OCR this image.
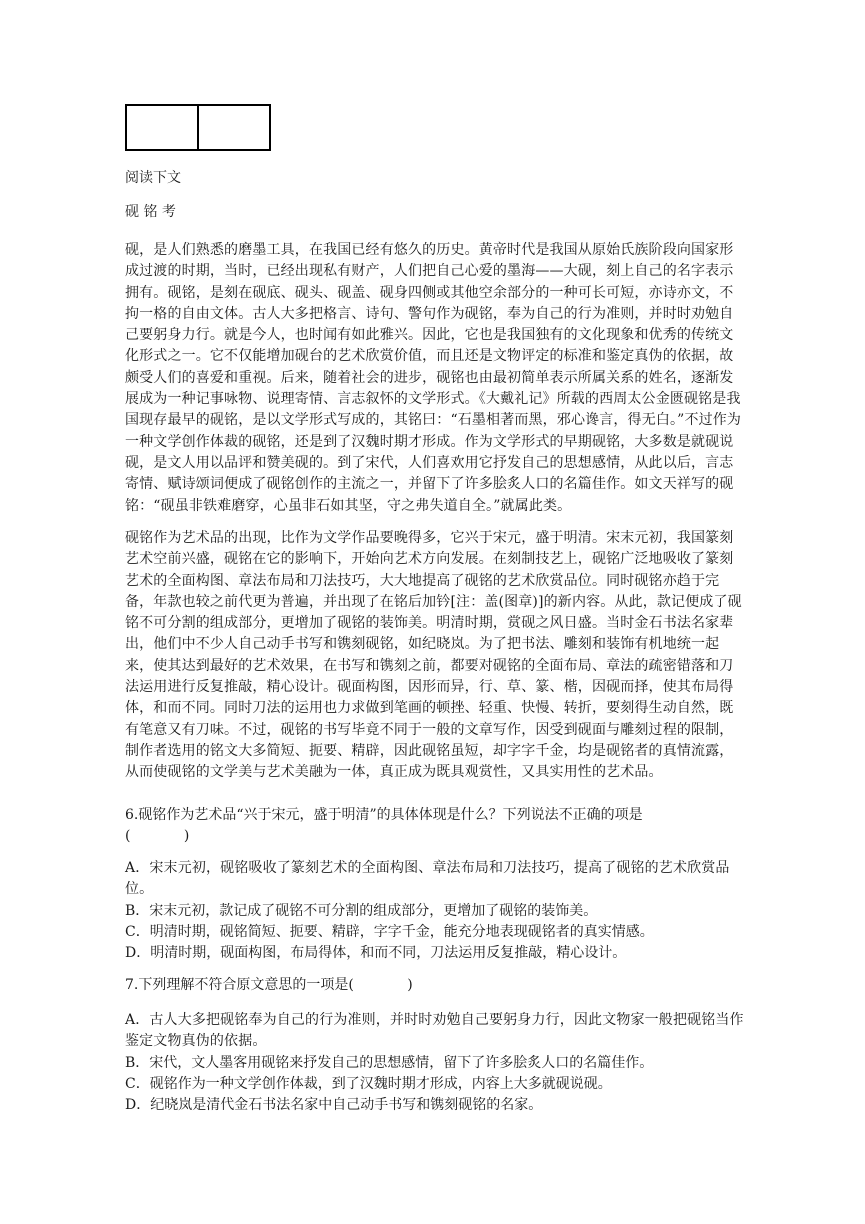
阅读下文
砚 铭 考

砚，是人们熟悉的磨墨工具，在我国已经有悠久的历史。黄帝时代是我国从原始氏族阶段向国家形成过渡的时期，当时，已经出现私有财产，人们把自己心爱的墨海——大砚，刻上自己的名字表示拥有。砚铭，是刻在砚底、砚头、砚盖、砚身四侧或其他空余部分的一种可长可短，亦诗亦文，不拘一格的自由文体。古人大多把格言、诗句、警句作为砚铭，奉为自己的行为准则，并时时劝勉自己要躬身力行。就是今人，也时闻有如此雅兴。因此，它也是我国独有的文化现象和优秀的传统文化形式之一。它不仅能增加砚台的艺术欣赏价值，而且还是文物评定的标准和鉴定真伪的依据，故颇受人们的喜爱和重视。后来，随着社会的进步，砚铭也由最初简单表示所属关系的姓名，逐渐发展成为一种记事咏物、说理寄情、言志叙怀的文学形式。《大戴礼记》所载的西周太公金匮砚铭是我国现存最早的砚铭，是以文学形式写成的，其铭曰：“石墨相著而黑，邪心谗言，得无白。”不过作为一种文学创作体裁的砚铭，还是到了汉魏时期才形成。作为文学形式的早期砚铭，大多数是就砚说砚，是文人用以品评和赞美砚的。到了宋代，人们喜欢用它抒发自己的思想感情，从此以后，言志寄情、赋诗颂词便成了砚铭创作的主流之一，并留下了许多脍炙人口的名篇佳作。如文天祥写的砚铭：“砚虽非铁难磨穿，心虽非石如其坚，守之弗失道自全。”就属此类。

砚铭作为艺术品的出现，比作为文学作品要晚得多，它兴于宋元，盛于明清。宋末元初，我国篆刻艺术空前兴盛，砚铭在它的影响下，开始向艺术方向发展。在刻制技艺上，砚铭广泛地吸收了篆刻艺术的全面构图、章法布局和刀法技巧，大大地提高了砚铭的艺术欣赏品位。同时砚铭亦趋于完备，年款也较之前代更为普遍，并出现了在铭后加钤[注：盖(图章)]的新内容。从此，款记便成了砚铭不可分割的组成部分，更增加了砚铭的装饰美。明清时期，赏砚之风日盛。当时金石书法名家辈出，他们中不少人自己动手书写和镌刻砚铭，如纪晓岚。为了把书法、雕刻和装饰有机地统一起来，使其达到最好的艺术效果，在书写和镌刻之前，都要对砚铭的全面布局、章法的疏密错落和刀法运用进行反复推敲，精心设计。砚面构图，因形而异，行、草、篆、楷，因砚而择，使其布局得体，和而不同。同时刀法的运用也力求做到笔画的顿挫、轻重、快慢、转折，要刻得生动自然，既有笔意又有刀味。不过，砚铭的书写毕竟不同于一般的文章写作，因受到砚面与雕刻过程的限制，制作者选用的铭文大多简短、扼要、精辟，因此砚铭虽短，却字字千金，均是砚铭者的真情流露，从而使砚铭的文学美与艺术美融为一体，真正成为既具观赏性，又具实用性的艺术品。

6.砚铭作为艺术品“兴于宋元，盛于明清”的具体体现是什么？下列说法不正确的项是
(            )

A．宋末元初，砚铭吸收了篆刻艺术的全面构图、章法布局和刀法技巧，提高了砚铭的艺术欣赏品位。

B．宋末元初，款记成了砚铭不可分割的组成部分，更增加了砚铭的装饰美。
C．明清时期，砚铭简短、扼要、精辟，字字千金，能充分地表现砚铭者的真实情感。
D．明清时期，砚面构图，布局得体，和而不同，刀法运用反复推敲，精心设计。
7.下列理解不符合原文意思的一项是(            )

A．古人大多把砚铭奉为自己的行为准则，并时时劝勉自己要躬身力行，因此文物家一般把砚铭当作鉴定文物真伪的依据。

B．宋代，文人墨客用砚铭来抒发自己的思想感情，留下了许多脍炙人口的名篇佳作。
C．砚铭作为一种文学创作体裁，到了汉魏时期才形成，内容上大多就砚说砚。
D．纪晓岚是清代金石书法名家中自己动手书写和镌刻砚铭的名家。
